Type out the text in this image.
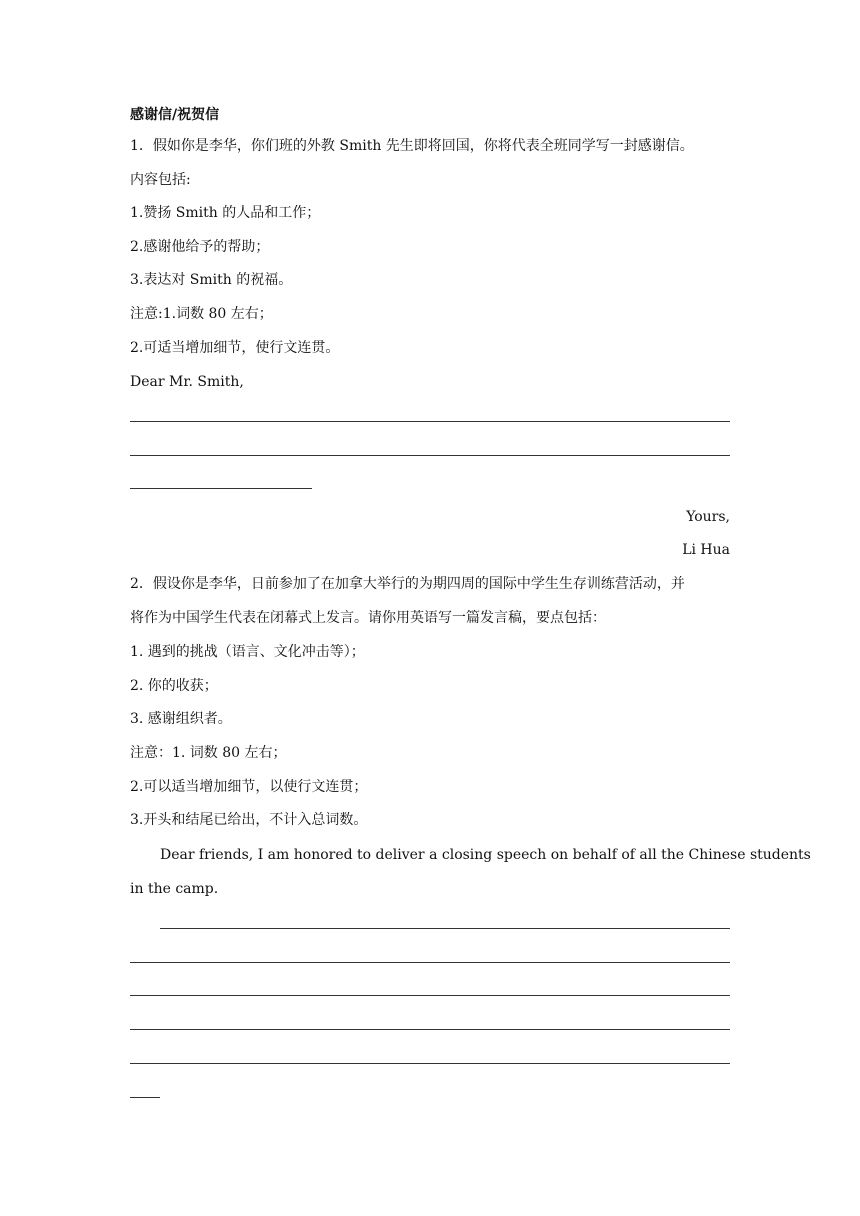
感谢信/祝贺信
1．假如你是李华，你们班的外教 Smith 先生即将回国，你将代表全班同学写一封感谢信。
内容包括:
1.赞扬 Smith 的人品和工作；
2.感谢他给予的帮助；
3.表达对 Smith 的祝福。
注意:1.词数 80 左右；
2.可适当增加细节，使行文连贯。
Dear Mr. Smith,
Yours,
Li Hua
2．假设你是李华，日前参加了在加拿大举行的为期四周的国际中学生生存训练营活动，并
将作为中国学生代表在闭幕式上发言。请你用英语写一篇发言稿，要点包括：
1. 遇到的挑战（语言、文化冲击等）；
2. 你的收获；
3. 感谢组织者。
注意：1. 词数 80 左右；
2.可以适当增加细节，以使行文连贯；
3.开头和结尾已给出，不计入总词数。
Dear friends, I am honored to deliver a closing speech on behalf of all the Chinese students
in the camp.
